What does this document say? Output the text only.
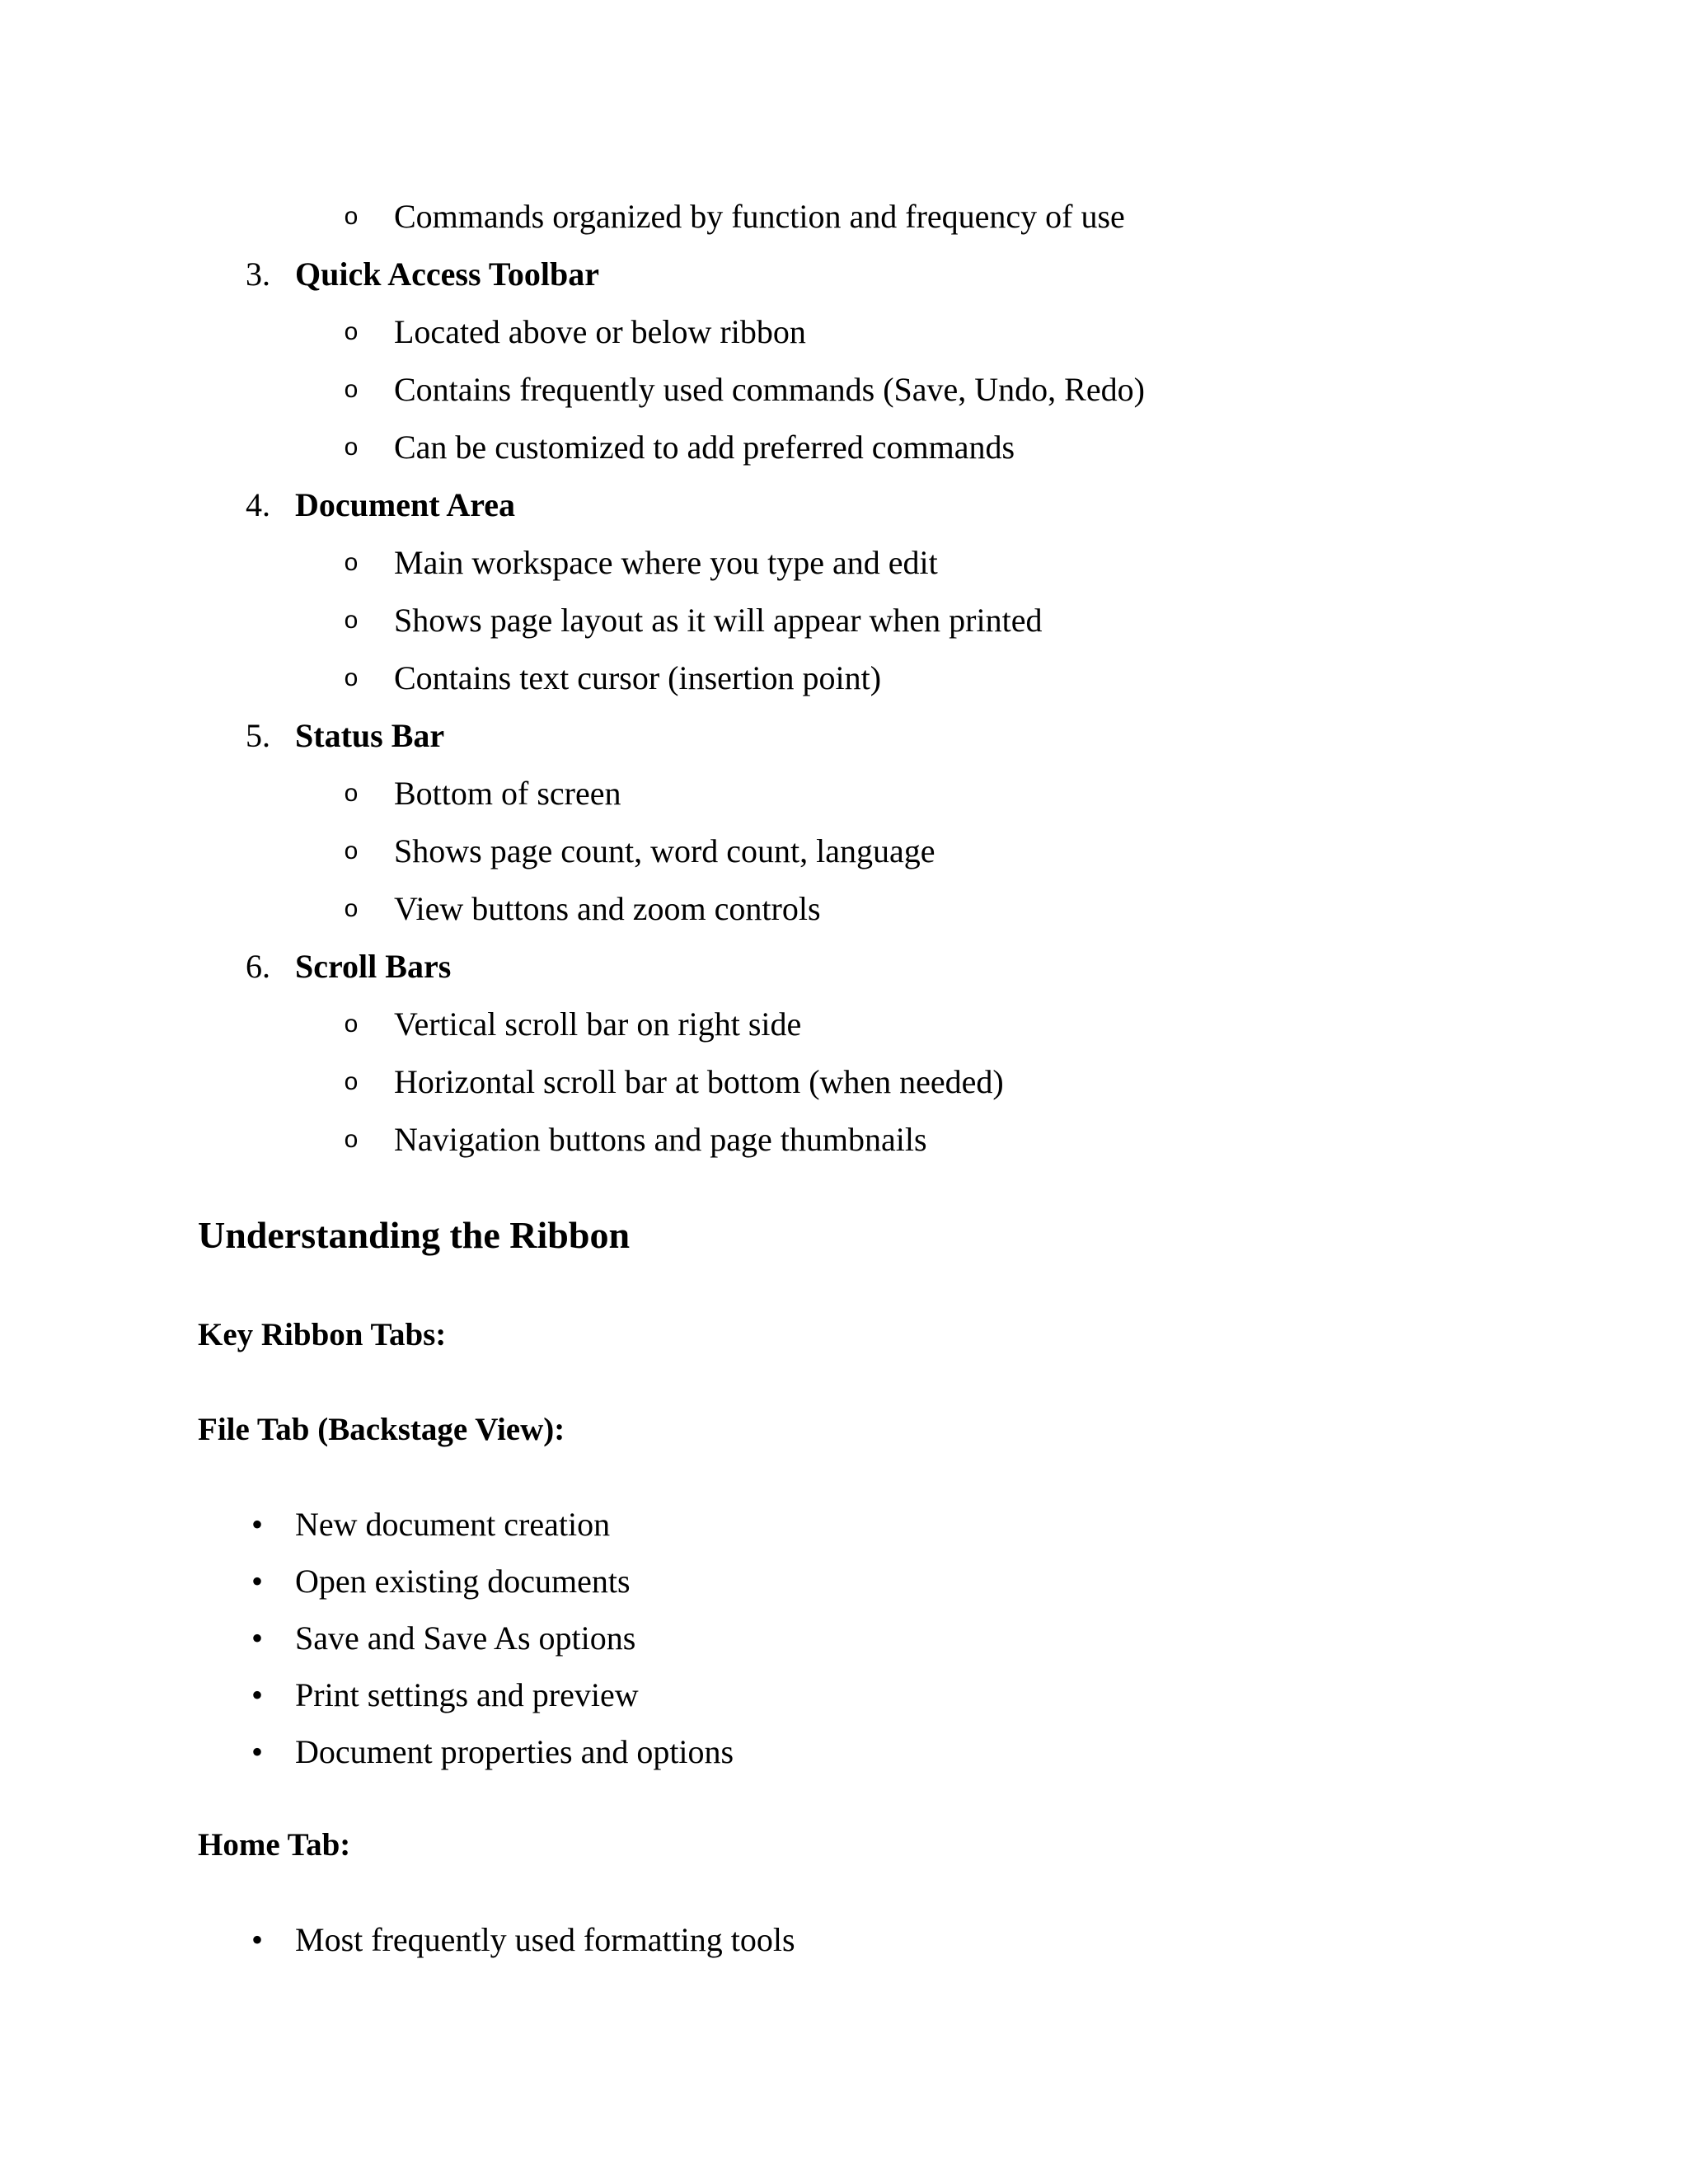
o Commands organized by function and frequency of use
3. Quick Access Toolbar
o Located above or below ribbon
o Contains frequently used commands (Save, Undo, Redo)
o Can be customized to add preferred commands
4. Document Area
o Main workspace where you type and edit
o Shows page layout as it will appear when printed
o Contains text cursor (insertion point)
5. Status Bar
o Bottom of screen
o Shows page count, word count, language
o View buttons and zoom controls
6. Scroll Bars
o Vertical scroll bar on right side
o Horizontal scroll bar at bottom (when needed)
o Navigation buttons and page thumbnails
Understanding the Ribbon
Key Ribbon Tabs:
File Tab (Backstage View):
• New document creation
• Open existing documents
• Save and Save As options
• Print settings and preview
• Document properties and options
Home Tab:
• Most frequently used formatting tools
